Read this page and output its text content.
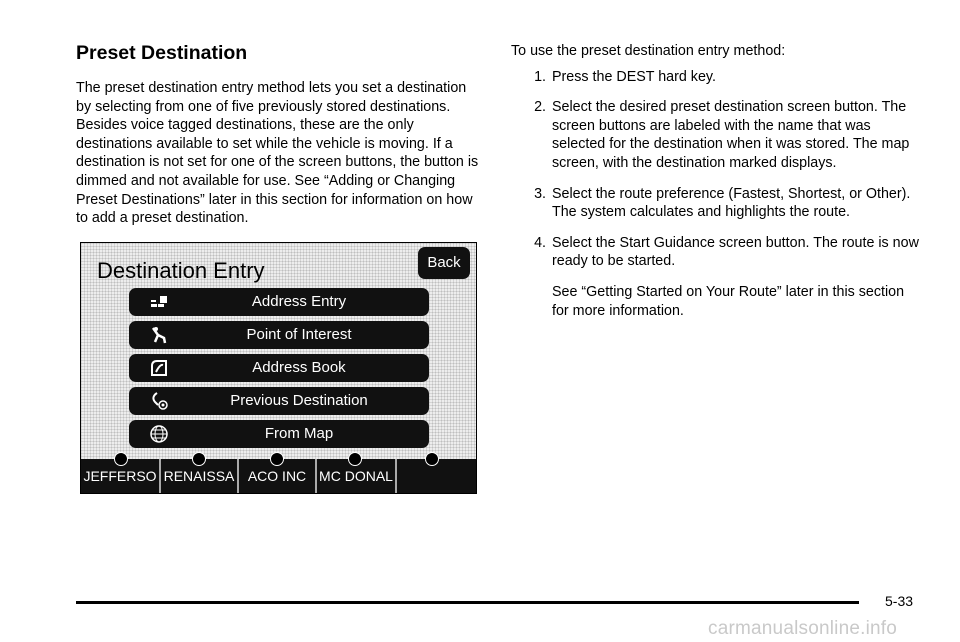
Preset Destination

The preset destination entry method lets you set a destination by selecting from one of five previously stored destinations. Besides voice tagged destinations, these are the only destinations available to set while the vehicle is moving. If a destination is not set for one of the screen buttons, the button is dimmed and not available for use. See “Adding or Changing Preset Destinations” later in this section for information on how to add a preset destination.

Destination Entry	Back
Address Entry
Point of Interest
Address Book
Previous Destination
From Map
JEFFERSO RENAISSA ACO INC MC DONAL

To use the preset destination entry method:

1. Press the DEST hard key.
2. Select the desired preset destination screen button. The screen buttons are labeled with the name that was selected for the destination when it was stored. The map screen, with the destination marked displays.
3. Select the route preference (Fastest, Shortest, or Other). The system calculates and highlights the route.
4. Select the Start Guidance screen button. The route is now ready to be started.

See “Getting Started on Your Route” later in this section for more information.

5-33
carmanualsonline.info
